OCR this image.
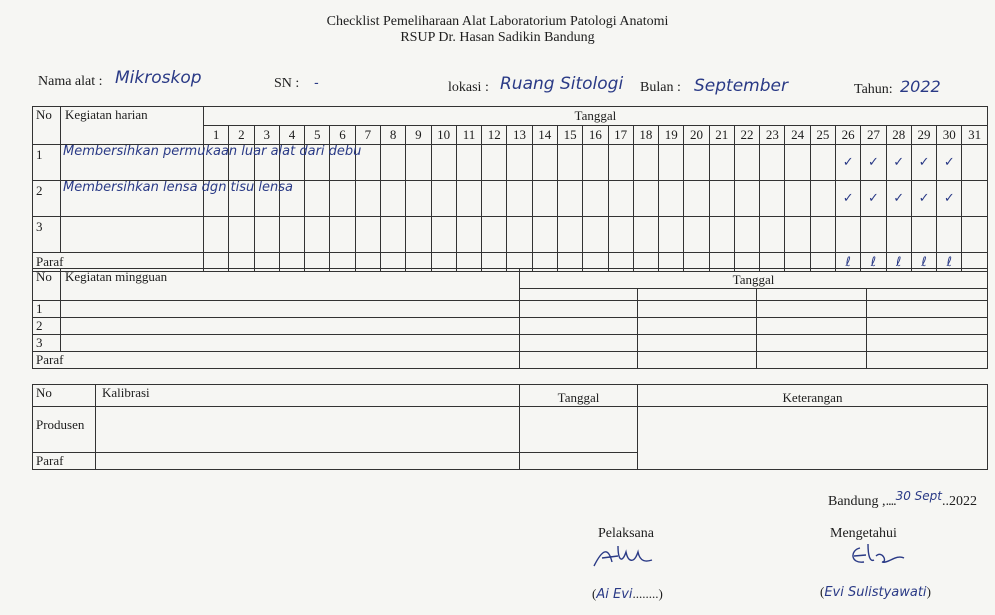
Checklist Pemeliharaan Alat Laboratorium Patologi Anatomi
RSUP Dr. Hasan Sadikin Bandung
Nama alat : Mikroskop	SN : -	lokasi : Ruang Sitologi Bulan : September	Tahun: 2022
No	Kegiatan harian	Tanggal																														
		1	2	3	4	5	6	7	8	9	10	11	12	13	14	15	16	17	18	19	20	21	22	23	24	25	26	27	28	29	30	31
1	Membersihkan permukaan luar alat dari debu																										✓	✓	✓	✓	✓	
2	Membersihkan lensa dgn tisu lensa																										✓	✓	✓	✓	✓	
3																																
Paraf																											ℓ	ℓ	ℓ	ℓ	ℓ	
No	Kegiatan mingguan	Tanggal			

1					
2					
3					
Paraf					
No	Kalibrasi	Tanggal	Keterangan
Produsen			
Paraf			
Bandung ,....30 Sept..2022
Pelaksana
(Ai Evi........)
Mengetahui
(Evi Sulistyawati)
